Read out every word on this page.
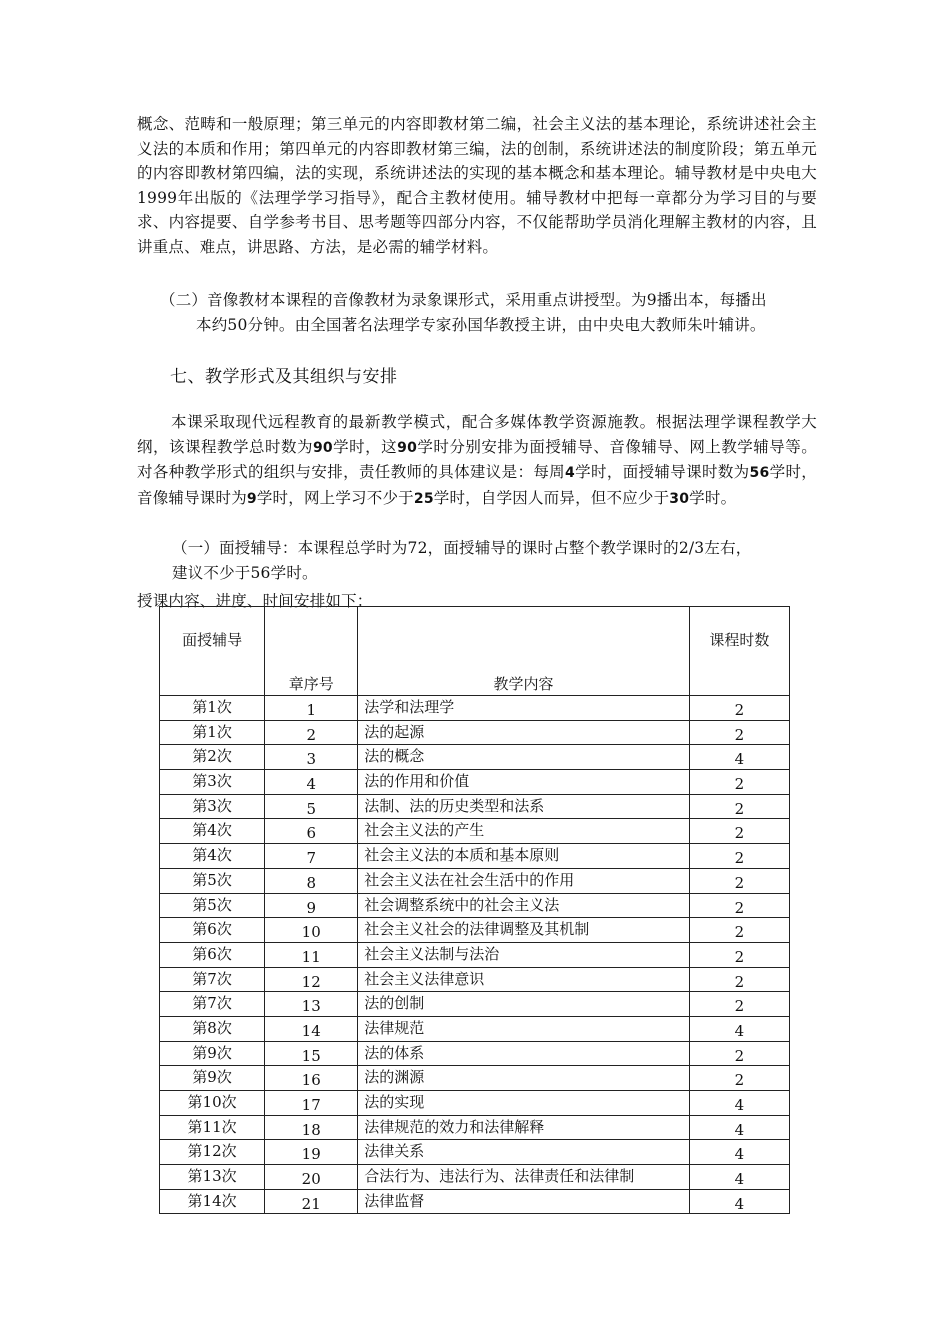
概念、范畴和一般原理；第三单元的内容即教材第二编，社会主义法的基本理论，系统讲述社会主义法的本质和作用；第四单元的内容即教材第三编，法的创制，系统讲述法的制度阶段；第五单元的内容即教材第四编，法的实现，系统讲述法的实现的基本概念和基本理论。辅导教材是中央电大1999年出版的《法理学学习指导》，配合主教材使用。辅导教材中把每一章都分为学习目的与要求、内容提要、自学参考书目、思考题等四部分内容，不仅能帮助学员消化理解主教材的内容，且讲重点、难点，讲思路、方法，是必需的辅学材料。

（二）音像教材本课程的音像教材为录象课形式，采用重点讲授型。为9播出本，每播出
本约50分钟。由全国著名法理学专家孙国华教授主讲，由中央电大教师朱叶辅讲。

七、教学形式及其组织与安排

本课采取现代远程教育的最新教学模式，配合多媒体教学资源施教。根据法理学课程教学大纲，该课程教学总时数为90学时，这90学时分别安排为面授辅导、音像辅导、网上教学辅导等。对各种教学形式的组织与安排，责任教师的具体建议是：每周4学时，面授辅导课时数为56学时，音像辅导课时为9学时，网上学习不少于25学时，自学因人而异，但不应少于30学时。

（一）面授辅导：本课程总学时为72，面授辅导的课时占整个教学课时的2/3左右，
建议不少于56学时。

授课内容、进度、时间安排如下：

面授辅导	章序号	教学内容	课程时数
第1次	1	法学和法理学	2
第1次	2	法的起源	2
第2次	3	法的概念	4
第3次	4	法的作用和价值	2
第3次	5	法制、法的历史类型和法系	2
第4次	6	社会主义法的产生	2
第4次	7	社会主义法的本质和基本原则	2
第5次	8	社会主义法在社会生活中的作用	2
第5次	9	社会调整系统中的社会主义法	2
第6次	10	社会主义社会的法律调整及其机制	2
第6次	11	社会主义法制与法治	2
第7次	12	社会主义法律意识	2
第7次	13	法的创制	2
第8次	14	法律规范	4
第9次	15	法的体系	2
第9次	16	法的渊源	2
第10次	17	法的实现	4
第11次	18	法律规范的效力和法律解释	4
第12次	19	法律关系	4
第13次	20	合法行为、违法行为、法律责任和法律制	4
第14次	21	法律监督	4
